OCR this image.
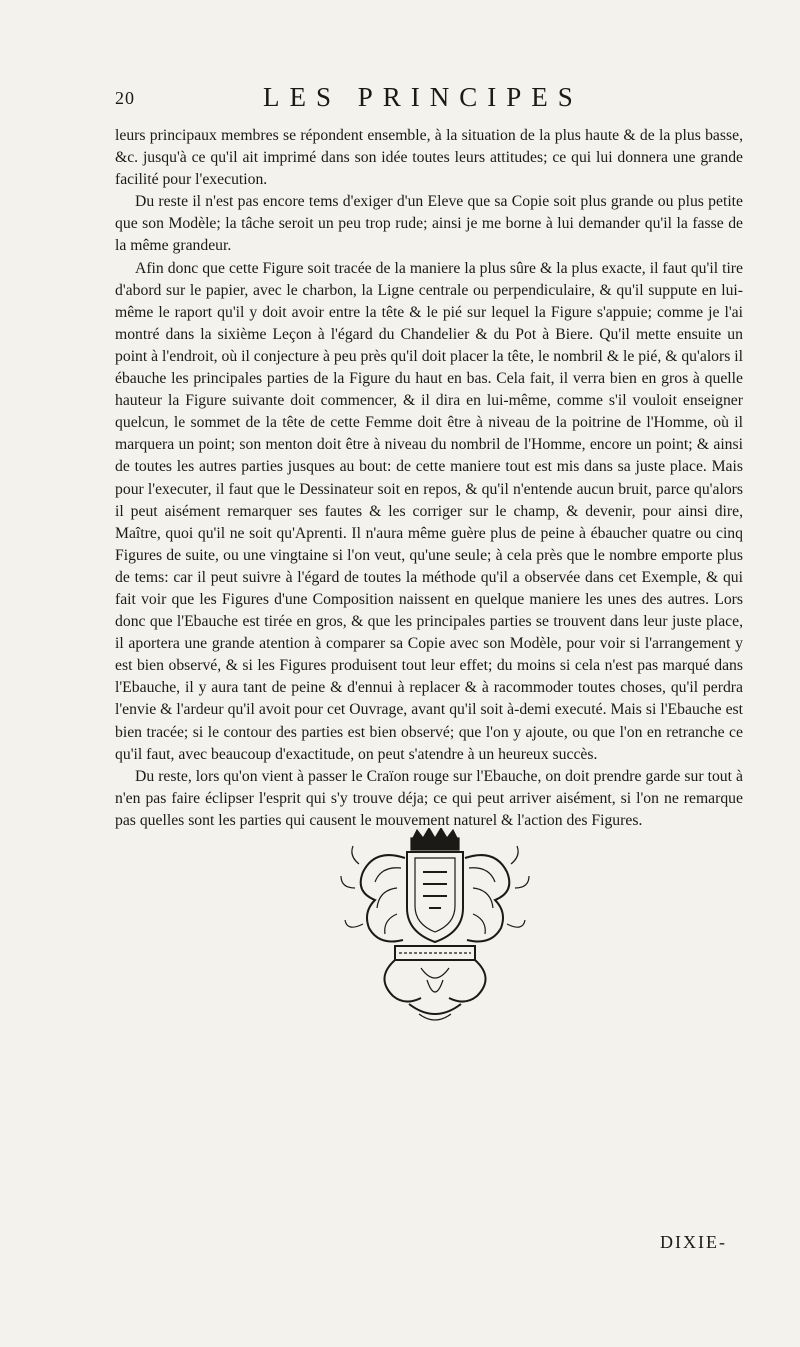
20	LES PRINCIPES

leurs principaux membres se répondent ensemble, à la situation de la plus haute & de la plus basse, &c. jusqu'à ce qu'il ait imprimé dans son idée toutes leurs attitudes; ce qui lui donnera une grande facilité pour l'execution.

Du reste il n'est pas encore tems d'exiger d'un Eleve que sa Copie soit plus grande ou plus petite que son Modèle; la tâche seroit un peu trop rude; ainsi je me borne à lui demander qu'il la fasse de la même grandeur.

Afin donc que cette Figure soit tracée de la maniere la plus sûre & la plus exacte, il faut qu'il tire d'abord sur le papier, avec le charbon, la Ligne centrale ou perpendiculaire, & qu'il suppute en lui-même le raport qu'il y doit avoir entre la tête & le pié sur lequel la Figure s'appuie; comme je l'ai montré dans la sixième Leçon à l'égard du Chandelier & du Pot à Biere. Qu'il mette ensuite un point à l'endroit, où il conjecture à peu près qu'il doit placer la tête, le nombril & le pié, & qu'alors il ébauche les principales parties de la Figure du haut en bas. Cela fait, il verra bien en gros à quelle hauteur la Figure suivante doit commencer, & il dira en lui-même, comme s'il vouloit enseigner quelcun, le sommet de la tête de cette Femme doit être à niveau de la poitrine de l'Homme, où il marquera un point; son menton doit être à niveau du nombril de l'Homme, encore un point; & ainsi de toutes les autres parties jusques au bout: de cette maniere tout est mis dans sa juste place. Mais pour l'executer, il faut que le Dessinateur soit en repos, & qu'il n'entende aucun bruit, parce qu'alors il peut aisément remarquer ses fautes & les corriger sur le champ, & devenir, pour ainsi dire, Maître, quoi qu'il ne soit qu'Aprenti. Il n'aura même guère plus de peine à ébaucher quatre ou cinq Figures de suite, ou une vingtaine si l'on veut, qu'une seule; à cela près que le nombre emporte plus de tems: car il peut suivre à l'égard de toutes la méthode qu'il a observée dans cet Exemple, & qui fait voir que les Figures d'une Composition naissent en quelque maniere les unes des autres. Lors donc que l'Ebauche est tirée en gros, & que les principales parties se trouvent dans leur juste place, il aportera une grande atention à comparer sa Copie avec son Modèle, pour voir si l'arrangement y est bien observé, & si les Figures produisent tout leur effet; du moins si cela n'est pas marqué dans l'Ebauche, il y aura tant de peine & d'ennui à replacer & à racommoder toutes choses, qu'il perdra l'envie & l'ardeur qu'il avoit pour cet Ouvrage, avant qu'il soit à-demi executé. Mais si l'Ebauche est bien tracée; si le contour des parties est bien observé; que l'on y ajoute, ou que l'on en retranche ce qu'il faut, avec beaucoup d'exactitude, on peut s'atendre à un heureux succès.

Du reste, lors qu'on vient à passer le Craïon rouge sur l'Ebauche, on doit prendre garde sur tout à n'en pas faire éclipser l'esprit qui s'y trouve déja; ce qui peut arriver aisément, si l'on ne remarque pas quelles sont les parties qui causent le mouvement naturel & l'action des Figures.

DIXIE-
